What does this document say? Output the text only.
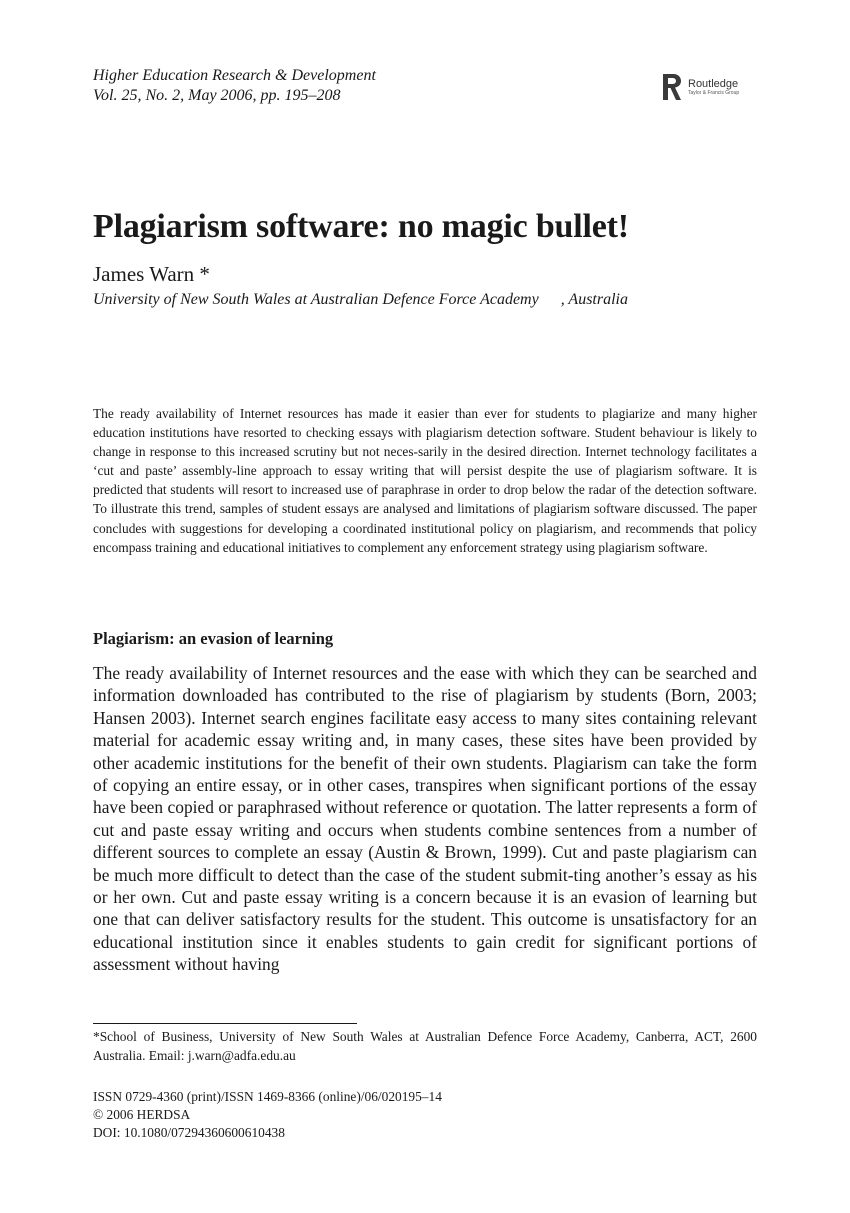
Higher Education Research & Development
Vol. 25, No. 2, May 2006, pp. 195–208
Routledge
Taylor & Francis Group
Plagiarism software: no magic bullet!
James Warn *
University of New South Wales at Australian Defence Force Academy , Australia

The ready availability of Internet resources has made it easier than ever for students to plagiarize and many higher education institutions have resorted to checking essays with plagiarism detection software. Student behaviour is likely to change in response to this increased scrutiny but not neces-sarily in the desired direction. Internet technology facilitates a ‘cut and paste’ assembly-line approach to essay writing that will persist despite the use of plagiarism software. It is predicted that students will resort to increased use of paraphrase in order to drop below the radar of the detection software. To illustrate this trend, samples of student essays are analysed and limitations of plagiarism software discussed. The paper concludes with suggestions for developing a coordinated institutional policy on plagiarism, and recommends that policy encompass training and educational initiatives to complement any enforcement strategy using plagiarism software.

Plagiarism: an evasion of learning

The ready availability of Internet resources and the ease with which they can be searched and information downloaded has contributed to the rise of plagiarism by students (Born, 2003; Hansen 2003). Internet search engines facilitate easy access to many sites containing relevant material for academic essay writing and, in many cases, these sites have been provided by other academic institutions for the benefit of their own students. Plagiarism can take the form of copying an entire essay, or in other cases, transpires when significant portions of the essay have been copied or paraphrased without reference or quotation. The latter represents a form of cut and paste essay writing and occurs when students combine sentences from a number of different sources to complete an essay (Austin & Brown, 1999). Cut and paste plagiarism can be much more difficult to detect than the case of the student submit-ting another’s essay as his or her own. Cut and paste essay writing is a concern because it is an evasion of learning but one that can deliver satisfactory results for the student. This outcome is unsatisfactory for an educational institution since it enables students to gain credit for significant portions of assessment without having

*School of Business, University of New South Wales at Australian Defence Force Academy, Canberra, ACT, 2600 Australia. Email: j.warn@adfa.edu.au

ISSN 0729-4360 (print)/ISSN 1469-8366 (online)/06/020195–14
© 2006 HERDSA
DOI: 10.1080/07294360600610438
